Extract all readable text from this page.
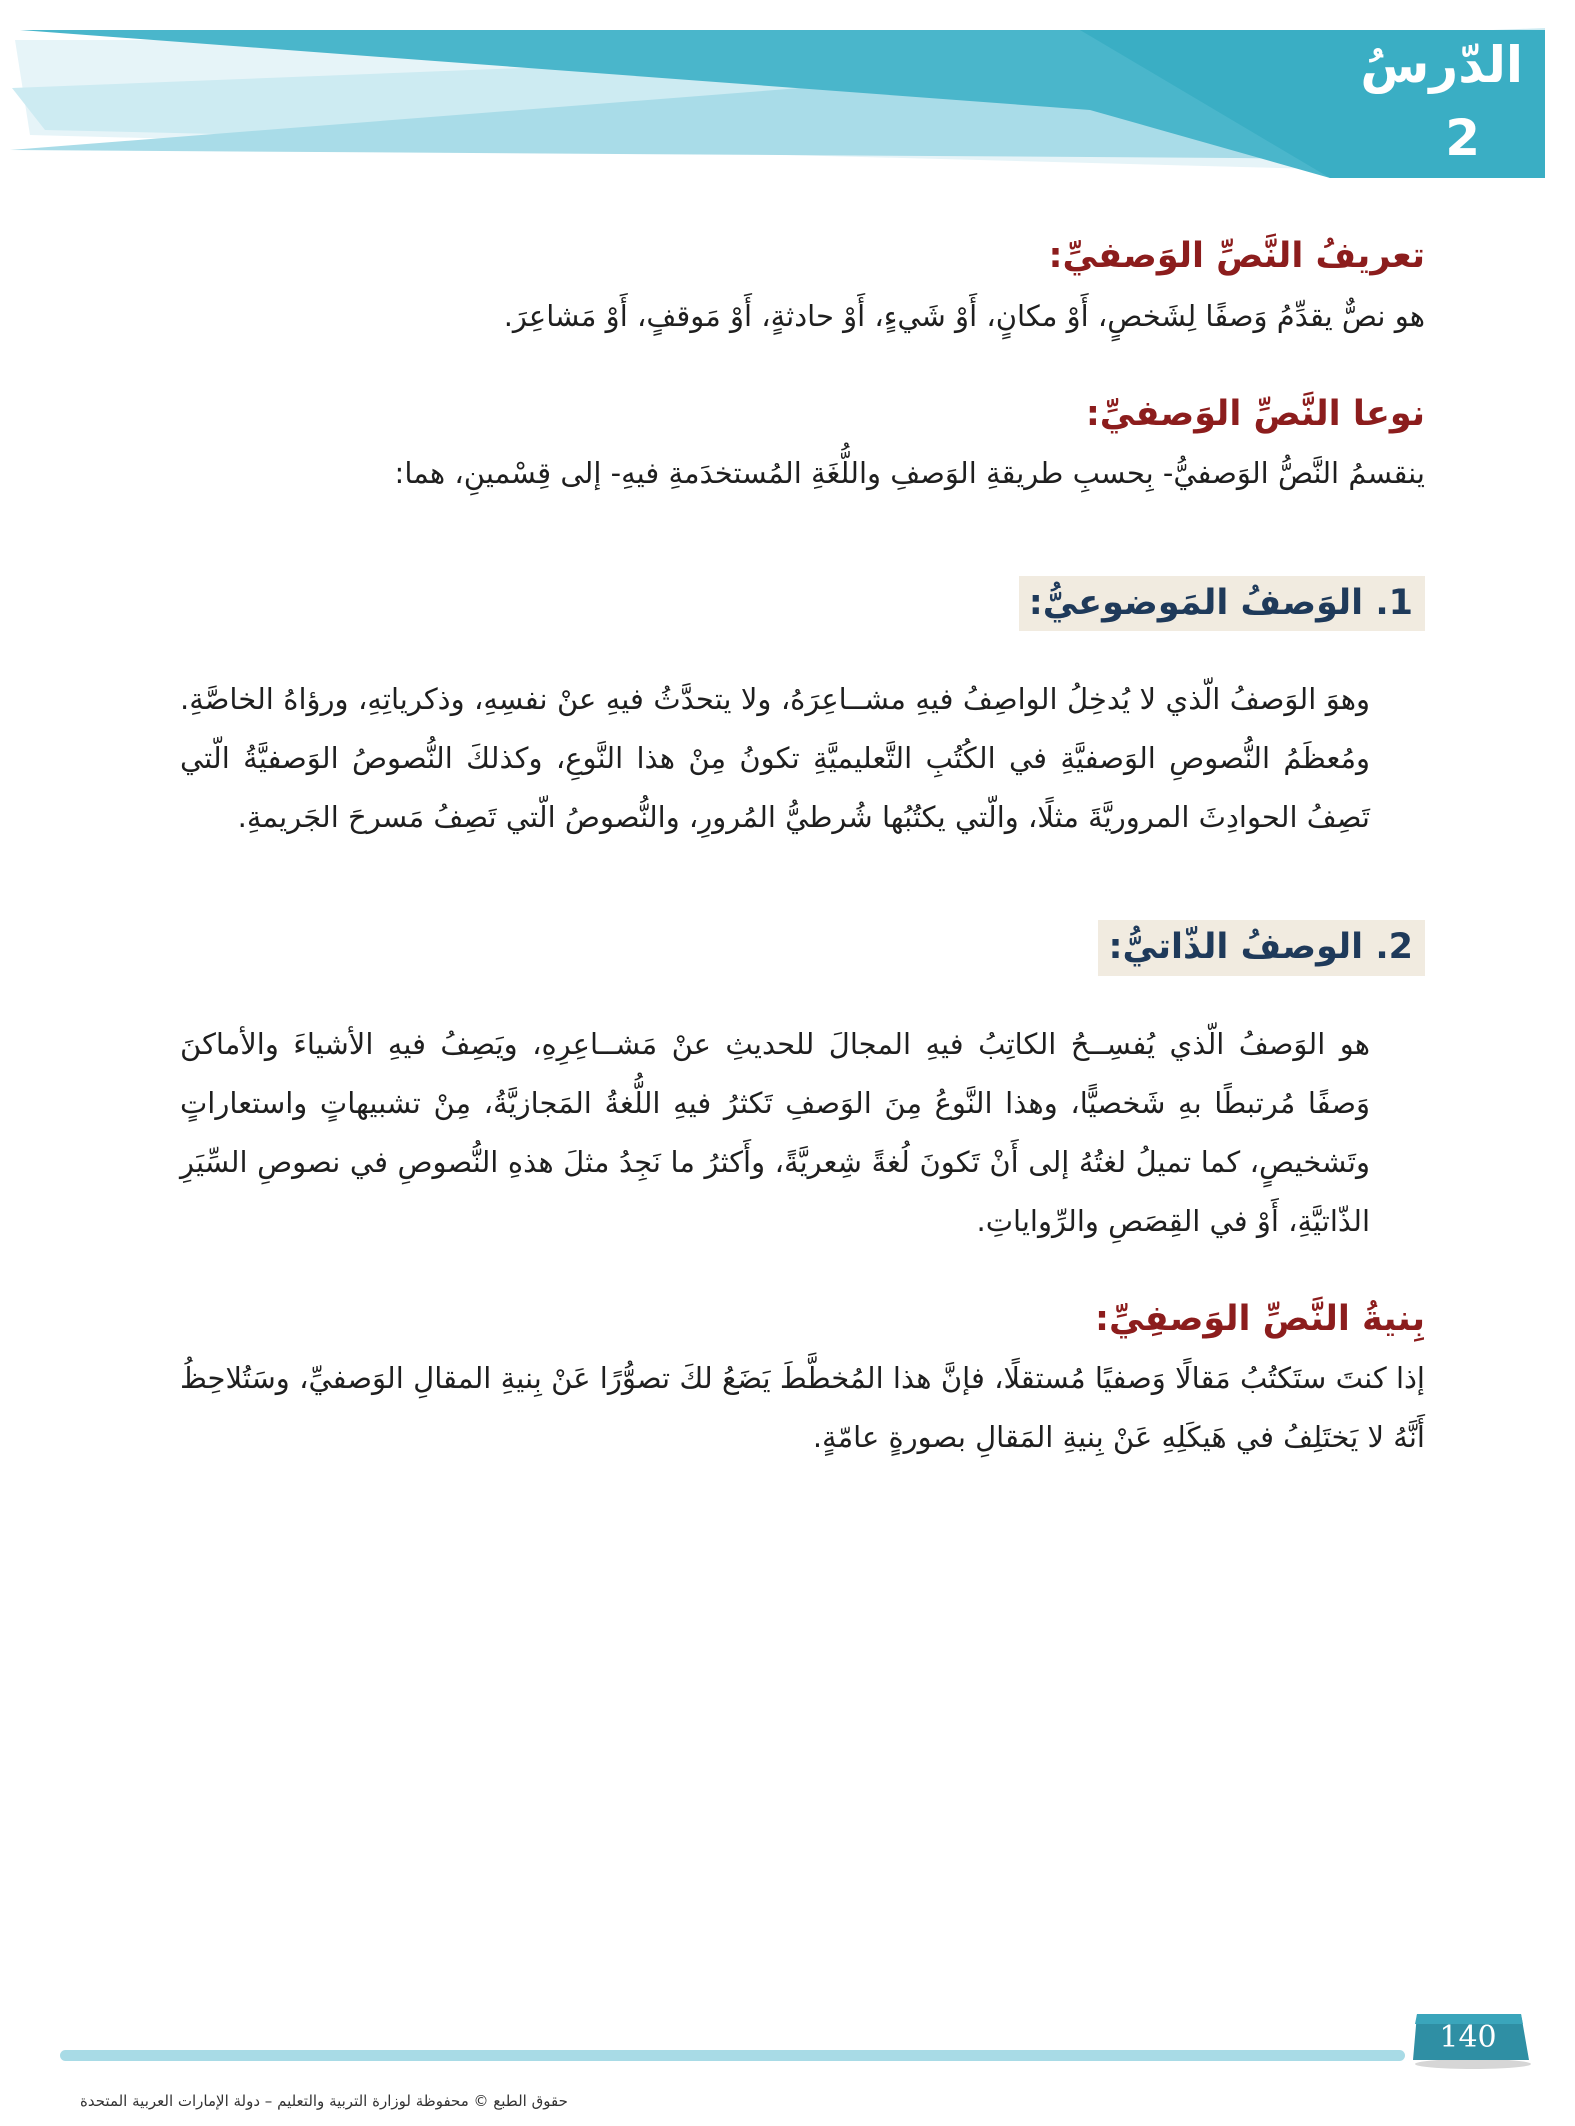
الدّرسُ
2
تعريفُ النَّصِّ الوَصفيِّ:

هو نصٌّ يقدِّمُ وَصفًا لِشَخصٍ، أَوْ مكانٍ، أَوْ شَيءٍ، أَوْ حادثةٍ، أَوْ مَوقفٍ، أَوْ مَشاعِرَ.

نوعا النَّصِّ الوَصفيِّ:

ينقسمُ النَّصُّ الوَصفيُّ- بِحسبِ طريقةِ الوَصفِ واللُّغَةِ المُستخدَمةِ فيهِ- إلى قِسْمينِ، هما:

1. الوَصفُ المَوضوعيُّ:

وهوَ الوَصفُ الّذي لا يُدخِلُ الواصِفُ فيهِ مشــاعِرَهُ، ولا يتحدَّثُ فيهِ عنْ نفسِهِ، وذكرياتِهِ، ورؤاهُ الخاصَّةِ. ومُعظَمُ النُّصوصِ الوَصفيَّةِ في الكُتُبِ التَّعليميَّةِ تكونُ مِنْ هذا النَّوعِ، وكذلكَ النُّصوصُ الوَصفيَّةُ الّتي تَصِفُ الحوادِثَ المروريَّةَ مثلًا، والّتي يكتُبُها شُرطيُّ المُرورِ، والنُّصوصُ الّتي تَصِفُ مَسرحَ الجَريمةِ.

2. الوصفُ الذّاتيُّ:

هو الوَصفُ الّذي يُفسِــحُ الكاتِبُ فيهِ المجالَ للحديثِ عنْ مَشــاعِرِهِ، ويَصِفُ فيهِ الأشياءَ والأماكنَ وَصفًا مُرتبطًا بهِ شَخصيًّا، وهذا النَّوعُ مِنَ الوَصفِ تَكثرُ فيهِ اللُّغةُ المَجازيَّةُ، مِنْ تشبيهاتٍ واستعاراتٍ وتَشخيصٍ، كما تميلُ لغتُهُ إلى أَنْ تَكونَ لُغةً شِعريَّةً، وأَكثرُ ما نَجِدُ مثلَ هذهِ النُّصوصِ في نصوصِ السِّيَرِ الذّاتيَّةِ، أَوْ في القِصَصِ والرِّواياتِ.

بِنيةُ النَّصِّ الوَصفِيِّ:

إذا كنتَ ستَكتُبُ مَقالًا وَصفيًا مُستقلًا، فإنَّ هذا المُخطَّطَ يَضَعُ لكَ تصوُّرًا عَنْ بِنيةِ المقالِ الوَصفيِّ، وسَتُلاحِظُ أَنَّهُ لا يَختَلِفُ في هَيكَلِهِ عَنْ بِنيةِ المَقالِ بصورةٍ عامّةٍ.

140
حقوق الطبع © محفوظة لوزارة التربية والتعليم – دولة الإمارات العربية المتحدة
